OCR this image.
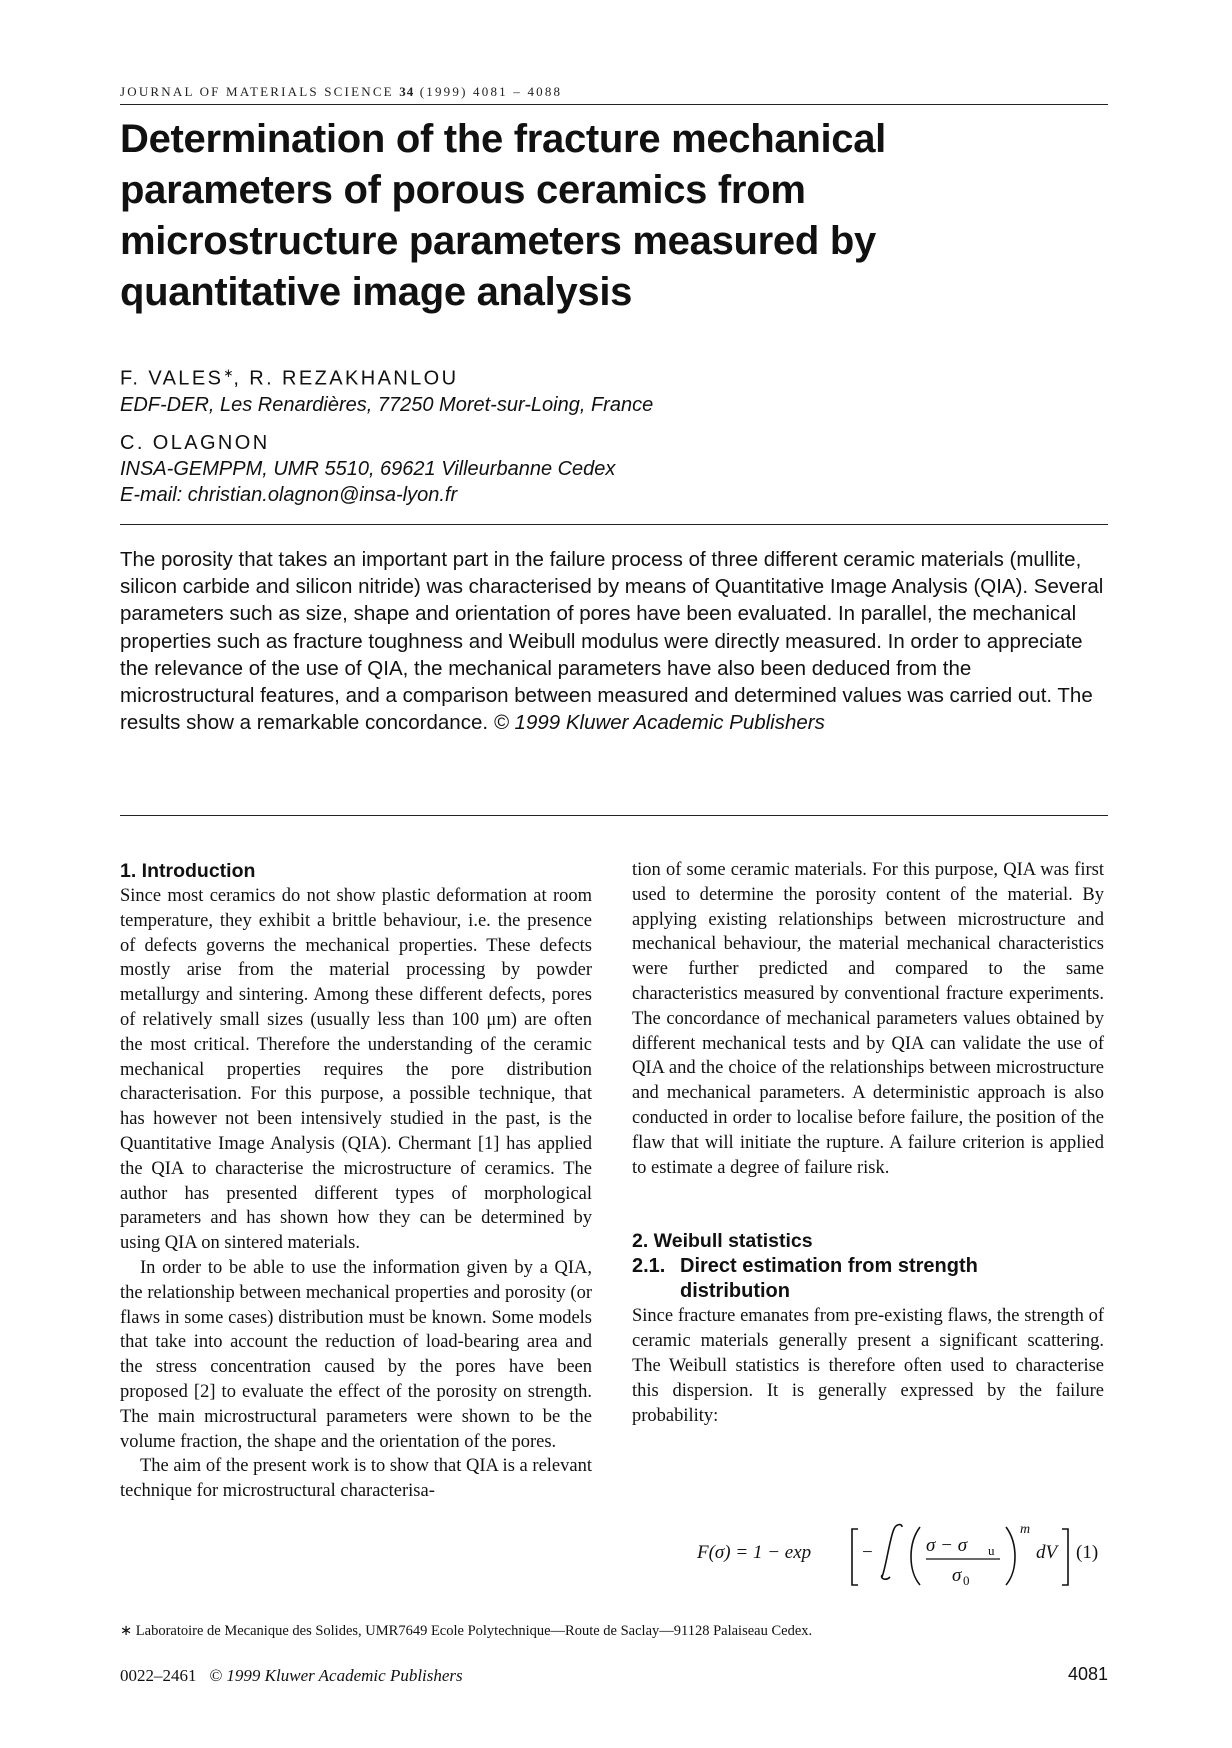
JOURNAL OF MATERIALS SCIENCE 34 (1999) 4081 – 4088
Determination of the fracture mechanical parameters of porous ceramics from microstructure parameters measured by quantitative image analysis
F. VALES∗, R. REZAKHANLOU
EDF-DER, Les Renardières, 77250 Moret-sur-Loing, France
C. OLAGNON
INSA-GEMPPM, UMR 5510, 69621 Villeurbanne Cedex
E-mail: christian.olagnon@insa-lyon.fr

The porosity that takes an important part in the failure process of three different ceramic materials (mullite, silicon carbide and silicon nitride) was characterised by means of Quantitative Image Analysis (QIA). Several parameters such as size, shape and orientation of pores have been evaluated. In parallel, the mechanical properties such as fracture toughness and Weibull modulus were directly measured. In order to appreciate the relevance of the use of QIA, the mechanical parameters have also been deduced from the microstructural features, and a comparison between measured and determined values was carried out. The results show a remarkable concordance. © 1999 Kluwer Academic Publishers

1. Introduction

Since most ceramics do not show plastic deformation at room temperature, they exhibit a brittle behaviour, i.e. the presence of defects governs the mechanical properties. These defects mostly arise from the material processing by powder metallurgy and sintering. Among these different defects, pores of relatively small sizes (usually less than 100 μm) are often the most critical. Therefore the understanding of the ceramic mechanical properties requires the pore distribution characterisation. For this purpose, a possible technique, that has however not been intensively studied in the past, is the Quantitative Image Analysis (QIA). Chermant [1] has applied the QIA to characterise the microstructure of ceramics. The author has presented different types of morphological parameters and has shown how they can be determined by using QIA on sintered materials.

In order to be able to use the information given by a QIA, the relationship between mechanical properties and porosity (or flaws in some cases) distribution must be known. Some models that take into account the reduction of load-bearing area and the stress concentration caused by the pores have been proposed [2] to evaluate the effect of the porosity on strength. The main microstructural parameters were shown to be the volume fraction, the shape and the orientation of the pores.

The aim of the present work is to show that QIA is a relevant technique for microstructural characterisa-

tion of some ceramic materials. For this purpose, QIA was first used to determine the porosity content of the material. By applying existing relationships between microstructure and mechanical behaviour, the material mechanical characteristics were further predicted and compared to the same characteristics measured by conventional fracture experiments. The concordance of mechanical parameters values obtained by different mechanical tests and by QIA can validate the use of QIA and the choice of the relationships between microstructure and mechanical parameters. A deterministic approach is also conducted in order to localise before failure, the position of the flaw that will initiate the rupture. A failure criterion is applied to estimate a degree of failure risk.

2. Weibull statistics
2.1. Direct estimation from strength
distribution

Since fracture emanates from pre-existing flaws, the strength of ceramic materials generally present a significant scattering. The Weibull statistics is therefore often used to characterise this dispersion. It is generally expressed by the failure probability:

F(σ) = 1 − exp	−	σ − σ u
σ 0
m
dV (1)
∗ Laboratoire de Mecanique des Solides, UMR7649 Ecole Polytechnique—Route de Saclay—91128 Palaiseau Cedex.
0022–2461 © 1999 Kluwer Academic Publishers	4081
